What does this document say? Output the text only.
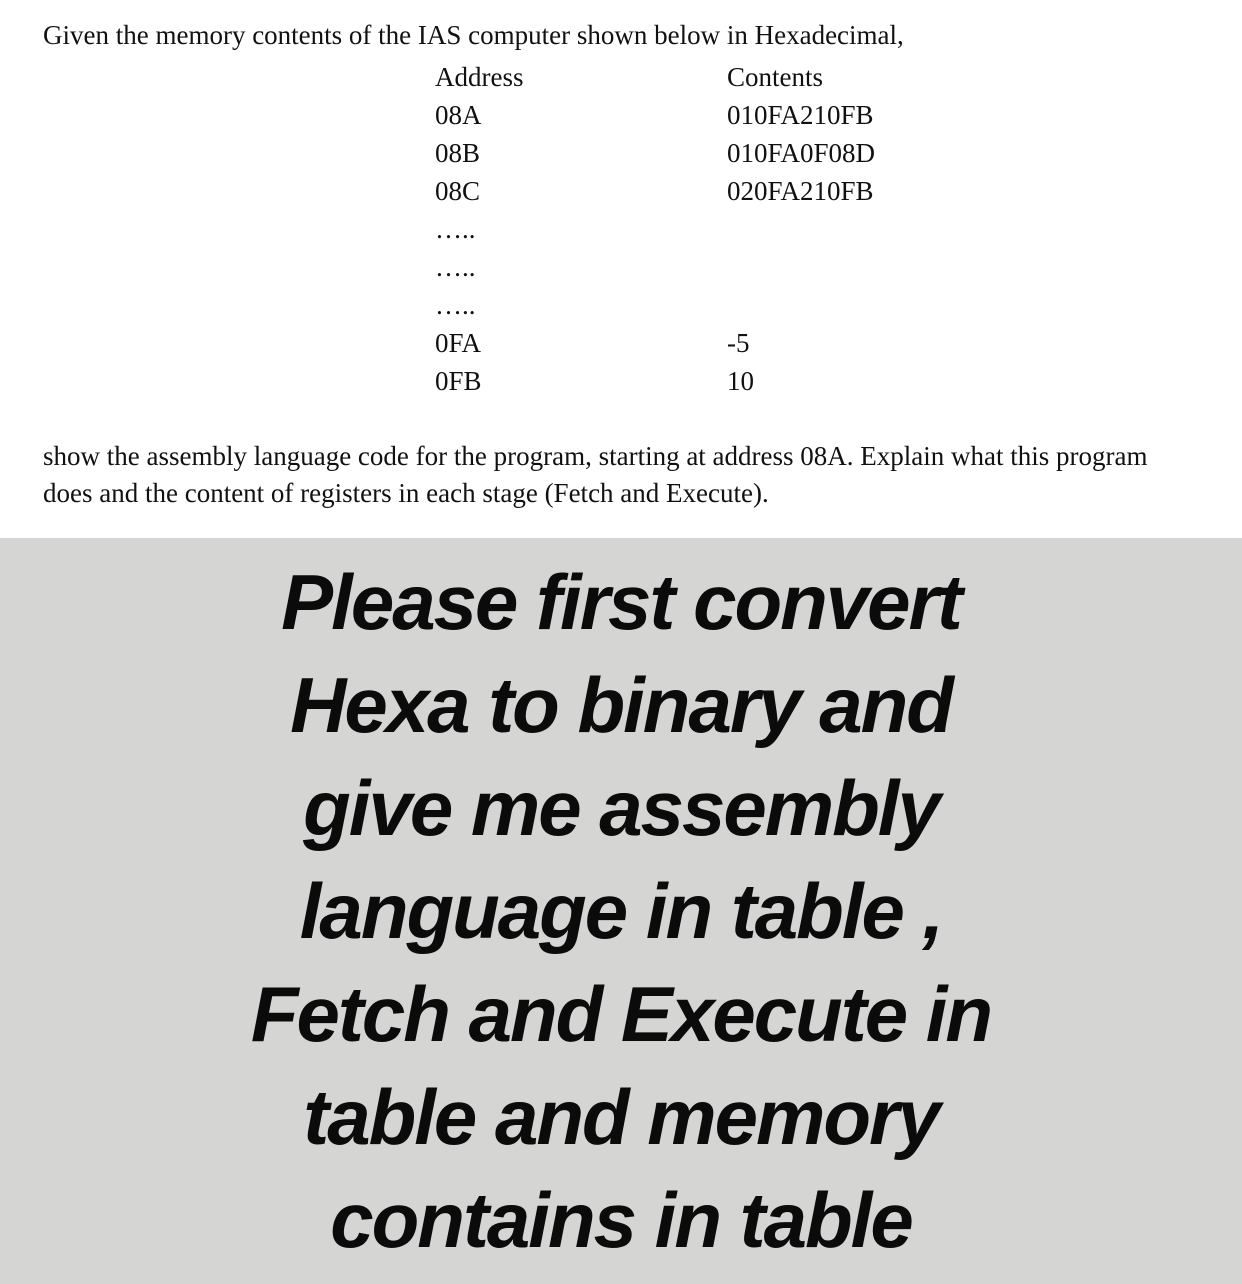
Given the memory contents of the IAS computer shown below in Hexadecimal,
Address	Contents
08A	010FA210FB
08B	010FA0F08D
08C	020FA210FB
…..
…..
…..
0FA	-5
0FB	10
show the assembly language code for the program, starting at address 08A. Explain what this program does and the content of registers in each stage (Fetch and Execute).
Please first convert
Hexa to binary and
give me assembly
language in table ,
Fetch and Execute in
table and memory
contains in table
